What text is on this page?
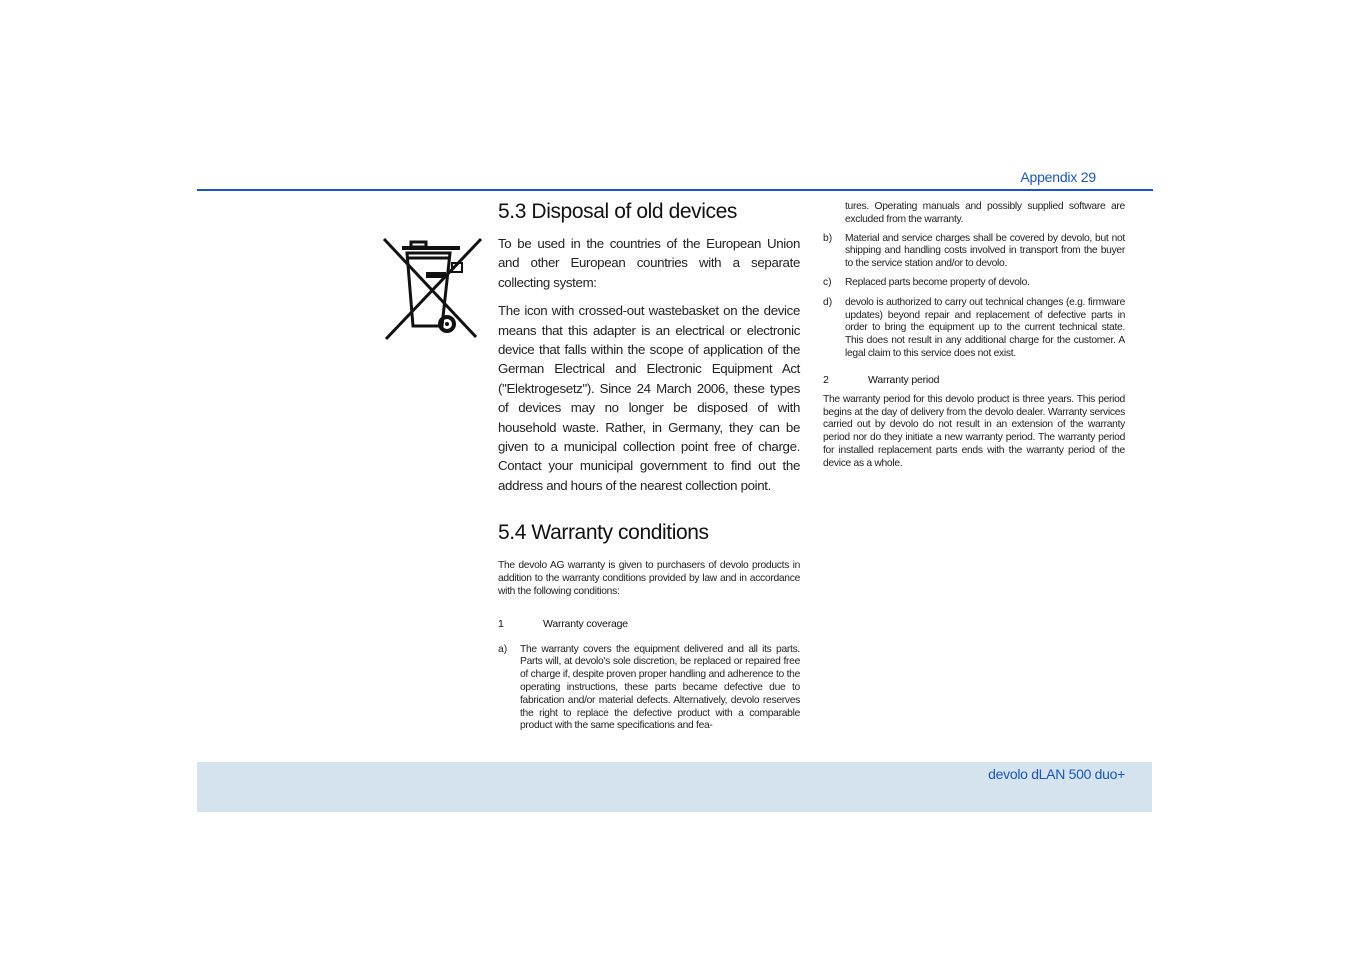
Appendix 29
5.3 Disposal of old devices

To be used in the countries of the European Union and other European countries with a separate collecting system:

The icon with crossed-out wastebasket on the device means that this adapter is an electrical or electronic device that falls within the scope of application of the German Electrical and Electronic Equipment Act ("Elektrogesetz"). Since 24 March 2006, these types of devices may no longer be disposed of with household waste. Rather, in Germany, they can be given to a municipal collection point free of charge. Contact your municipal government to find out the address and hours of the nearest collection point.

5.4 Warranty conditions

The devolo AG warranty is given to purchasers of devolo products in addition to the warranty conditions provided by law and in accordance with the following conditions:

1	Warranty coverage
a)	The warranty covers the equipment delivered and all its parts. Parts will, at devolo's sole discretion, be replaced or repaired free of charge if, despite proven proper handling and adherence to the operating instructions, these parts became defective due to fabrication and/or material defects. Alternatively, devolo reserves the right to replace the defective product with a comparable product with the same specifications and fea-

tures. Operating manuals and possibly supplied software are excluded from the warranty.

b)	Material and service charges shall be covered by devolo, but not shipping and handling costs involved in transport from the buyer to the service station and/or to devolo.

c)	Replaced parts become property of devolo.

d)	devolo is authorized to carry out technical changes (e.g. firmware updates) beyond repair and replacement of defective parts in order to bring the equipment up to the current technical state. This does not result in any additional charge for the customer. A legal claim to this service does not exist.

2	Warranty period

The warranty period for this devolo product is three years. This period begins at the day of delivery from the devolo dealer. Warranty services carried out by devolo do not result in an extension of the warranty period nor do they initiate a new warranty period. The warranty period for installed replacement parts ends with the warranty period of the device as a whole.

devolo dLAN 500 duo+
